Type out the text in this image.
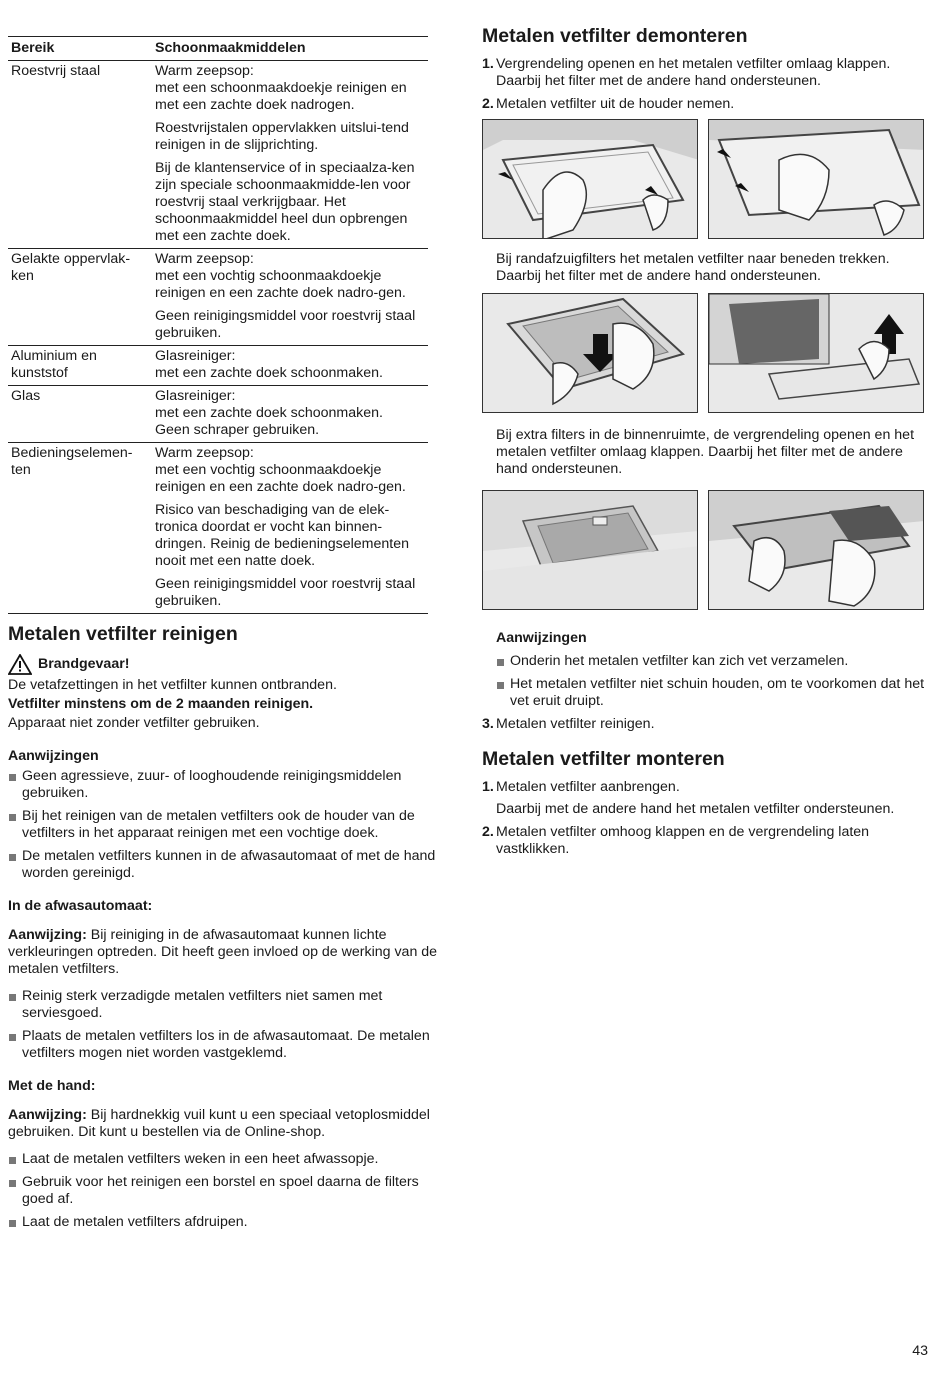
Bereik	Schoonmaakmiddelen
Roestvrij staal	Warm zeepsop:
met een schoonmaakdoekje reinigen en met een zachte doek nadrogen.

Roestvrijstalen oppervlakken uitslui-tend reinigen in de slijprichting.

Bij de klantenservice of in speciaalza-ken zijn speciale schoonmaakmidde-len voor roestvrij staal verkrijgbaar. Het schoonmaakmiddel heel dun opbrengen met een zachte doek.

Gelakte oppervlak-ken	Warm zeepsop:
met een vochtig schoonmaakdoekje reinigen en een zachte doek nadro-gen.

Geen reinigingsmiddel voor roestvrij staal gebruiken.

Aluminium en kunststof	Glasreiniger:
met een zachte doek schoonmaken.

Glas	Glasreiniger:
met een zachte doek schoonmaken.
Geen schraper gebruiken.

Bedieningselemen-ten	Warm zeepsop:
met een vochtig schoonmaakdoekje reinigen en een zachte doek nadro-gen.

Risico van beschadiging van de elek-tronica doordat er vocht kan binnen-dringen. Reinig de bedieningselementen nooit met een natte doek.

Geen reinigingsmiddel voor roestvrij staal gebruiken.

Metalen vetfilter reinigen
Brandgevaar!

De vetafzettingen in het vetfilter kunnen ontbranden.

Vetfilter minstens om de 2 maanden reinigen.

Apparaat niet zonder vetfilter gebruiken.

Aanwijzingen
Geen agressieve, zuur- of looghoudende reinigingsmiddelen gebruiken.
Bij het reinigen van de metalen vetfilters ook de houder van de vetfilters in het apparaat reinigen met een vochtige doek.
De metalen vetfilters kunnen in de afwasautomaat of met de hand worden gereinigd.
In de afwasautomaat:

Aanwijzing: Bij reiniging in de afwasautomaat kunnen lichte verkleuringen optreden. Dit heeft geen invloed op de werking van de metalen vetfilters.

Reinig sterk verzadigde metalen vetfilters niet samen met serviesgoed.
Plaats de metalen vetfilters los in de afwasautomaat. De metalen vetfilters mogen niet worden vastgeklemd.
Met de hand:

Aanwijzing: Bij hardnekkig vuil kunt u een speciaal vetoplosmiddel gebruiken. Dit kunt u bestellen via de Online-shop.

Laat de metalen vetfilters weken in een heet afwassopje.
Gebruik voor het reinigen een borstel en spoel daarna de filters goed af.
Laat de metalen vetfilters afdruipen.
Metalen vetfilter demonteren
1. Vergrendeling openen en het metalen vetfilter omlaag klappen. Daarbij het filter met de andere hand ondersteunen.
2. Metalen vetfilter uit de houder nemen.

Bij randafzuigfilters het metalen vetfilter naar beneden trekken. Daarbij het filter met de andere hand ondersteunen.

Bij extra filters in de binnenruimte, de vergrendeling openen en het metalen vetfilter omlaag klappen. Daarbij het filter met de andere hand ondersteunen.

Aanwijzingen
Onderin het metalen vetfilter kan zich vet verzamelen.
Het metalen vetfilter niet schuin houden, om te voorkomen dat het vet eruit druipt.
3. Metalen vetfilter reinigen.
Metalen vetfilter monteren
1. Metalen vetfilter aanbrengen.

Daarbij met de andere hand het metalen vetfilter ondersteunen.
2. Metalen vetfilter omhoog klappen en de vergrendeling laten vastklikken.
43
